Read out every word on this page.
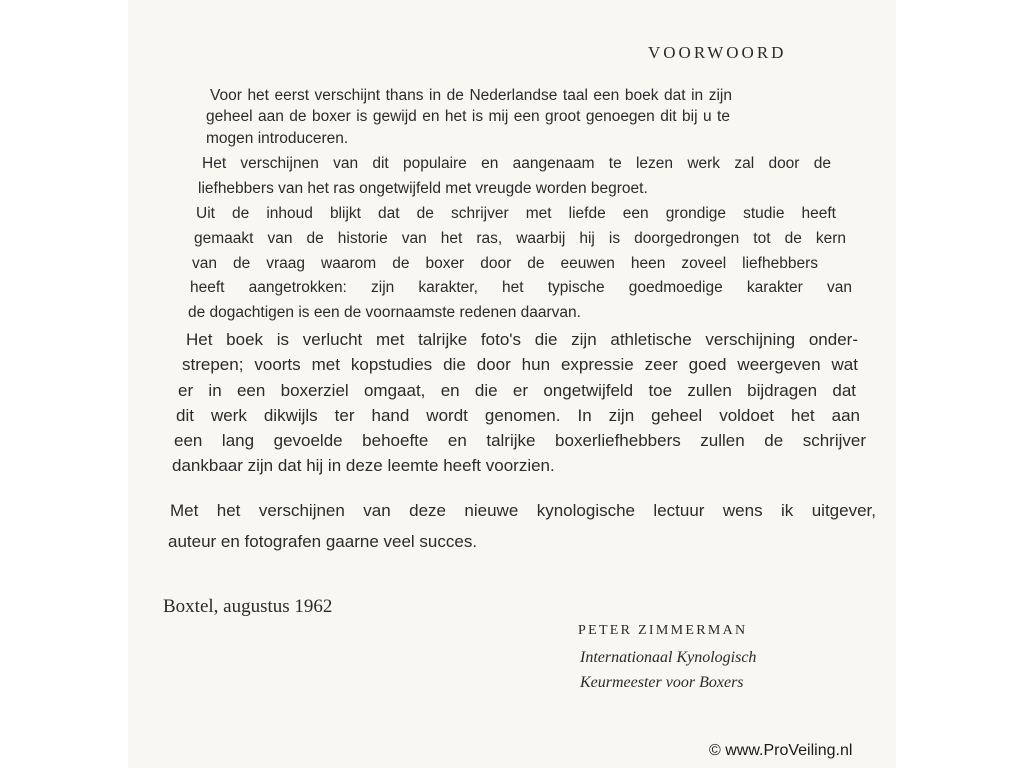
VOORWOORD
Voor het eerst verschijnt thans in de Nederlandse taal een boek dat in zijn
geheel aan de boxer is gewijd en het is mij een groot genoegen dit bij u te
mogen introduceren.
Het verschijnen van dit populaire en aangenaam te lezen werk zal door de
liefhebbers van het ras ongetwijfeld met vreugde worden begroet.
Uit de inhoud blijkt dat de schrijver met liefde een grondige studie heeft
gemaakt van de historie van het ras, waarbij hij is doorgedrongen tot de kern
van de vraag waarom de boxer door de eeuwen heen zoveel liefhebbers
heeft aangetrokken: zijn karakter, het typische goedmoedige karakter van
de dogachtigen is een de voornaamste redenen daarvan.
Het boek is verlucht met talrijke foto's die zijn athletische verschijning onder-
strepen; voorts met kopstudies die door hun expressie zeer goed weergeven wat
er in een boxerziel omgaat, en die er ongetwijfeld toe zullen bijdragen dat
dit werk dikwijls ter hand wordt genomen. In zijn geheel voldoet het aan
een lang gevoelde behoefte en talrijke boxerliefhebbers zullen de schrijver
dankbaar zijn dat hij in deze leemte heeft voorzien.
Met het verschijnen van deze nieuwe kynologische lectuur wens ik uitgever,
auteur en fotografen gaarne veel succes.
Boxtel, augustus 1962
PETER ZIMMERMAN
Internationaal Kynologisch
Keurmeester voor Boxers
© www.ProVeiling.nl
